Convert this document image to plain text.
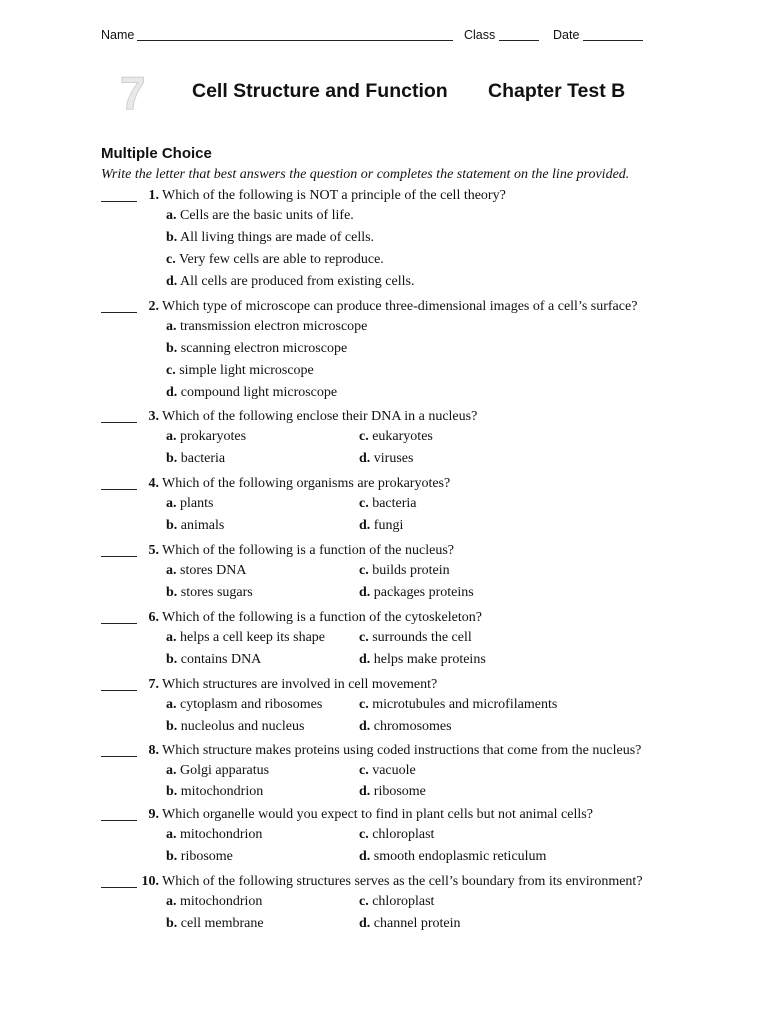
Name	Class	Date
7 Cell Structure and Function Chapter Test B
Multiple Choice
Write the letter that best answers the question or completes the statement on the line provided.
1. Which of the following is NOT a principle of the cell theory?
a. Cells are the basic units of life.
b. All living things are made of cells.
c. Very few cells are able to reproduce.
d. All cells are produced from existing cells.
2. Which type of microscope can produce three-dimensional images of a cell’s surface?
a. transmission electron microscope
b. scanning electron microscope
c. simple light microscope
d. compound light microscope
3. Which of the following enclose their DNA in a nucleus?
a. prokaryotes	c. eukaryotes
b. bacteria	d. viruses
4. Which of the following organisms are prokaryotes?
a. plants	c. bacteria
b. animals	d. fungi
5. Which of the following is a function of the nucleus?
a. stores DNA	c. builds protein
b. stores sugars	d. packages proteins
6. Which of the following is a function of the cytoskeleton?
a. helps a cell keep its shape c. surrounds the cell
b. contains DNA	d. helps make proteins
7. Which structures are involved in cell movement?
a. cytoplasm and ribosomes	c. microtubules and microfilaments
b. nucleolus and nucleus	d. chromosomes
8. Which structure makes proteins using coded instructions that come from the nucleus?
a. Golgi apparatus	c. vacuole
b. mitochondrion	d. ribosome
9. Which organelle would you expect to find in plant cells but not animal cells?
a. mitochondrion	c. chloroplast
b. ribosome	d. smooth endoplasmic reticulum
10. Which of the following structures serves as the cell’s boundary from its environment?
a. mitochondrion	c. chloroplast
b. cell membrane	d. channel protein
